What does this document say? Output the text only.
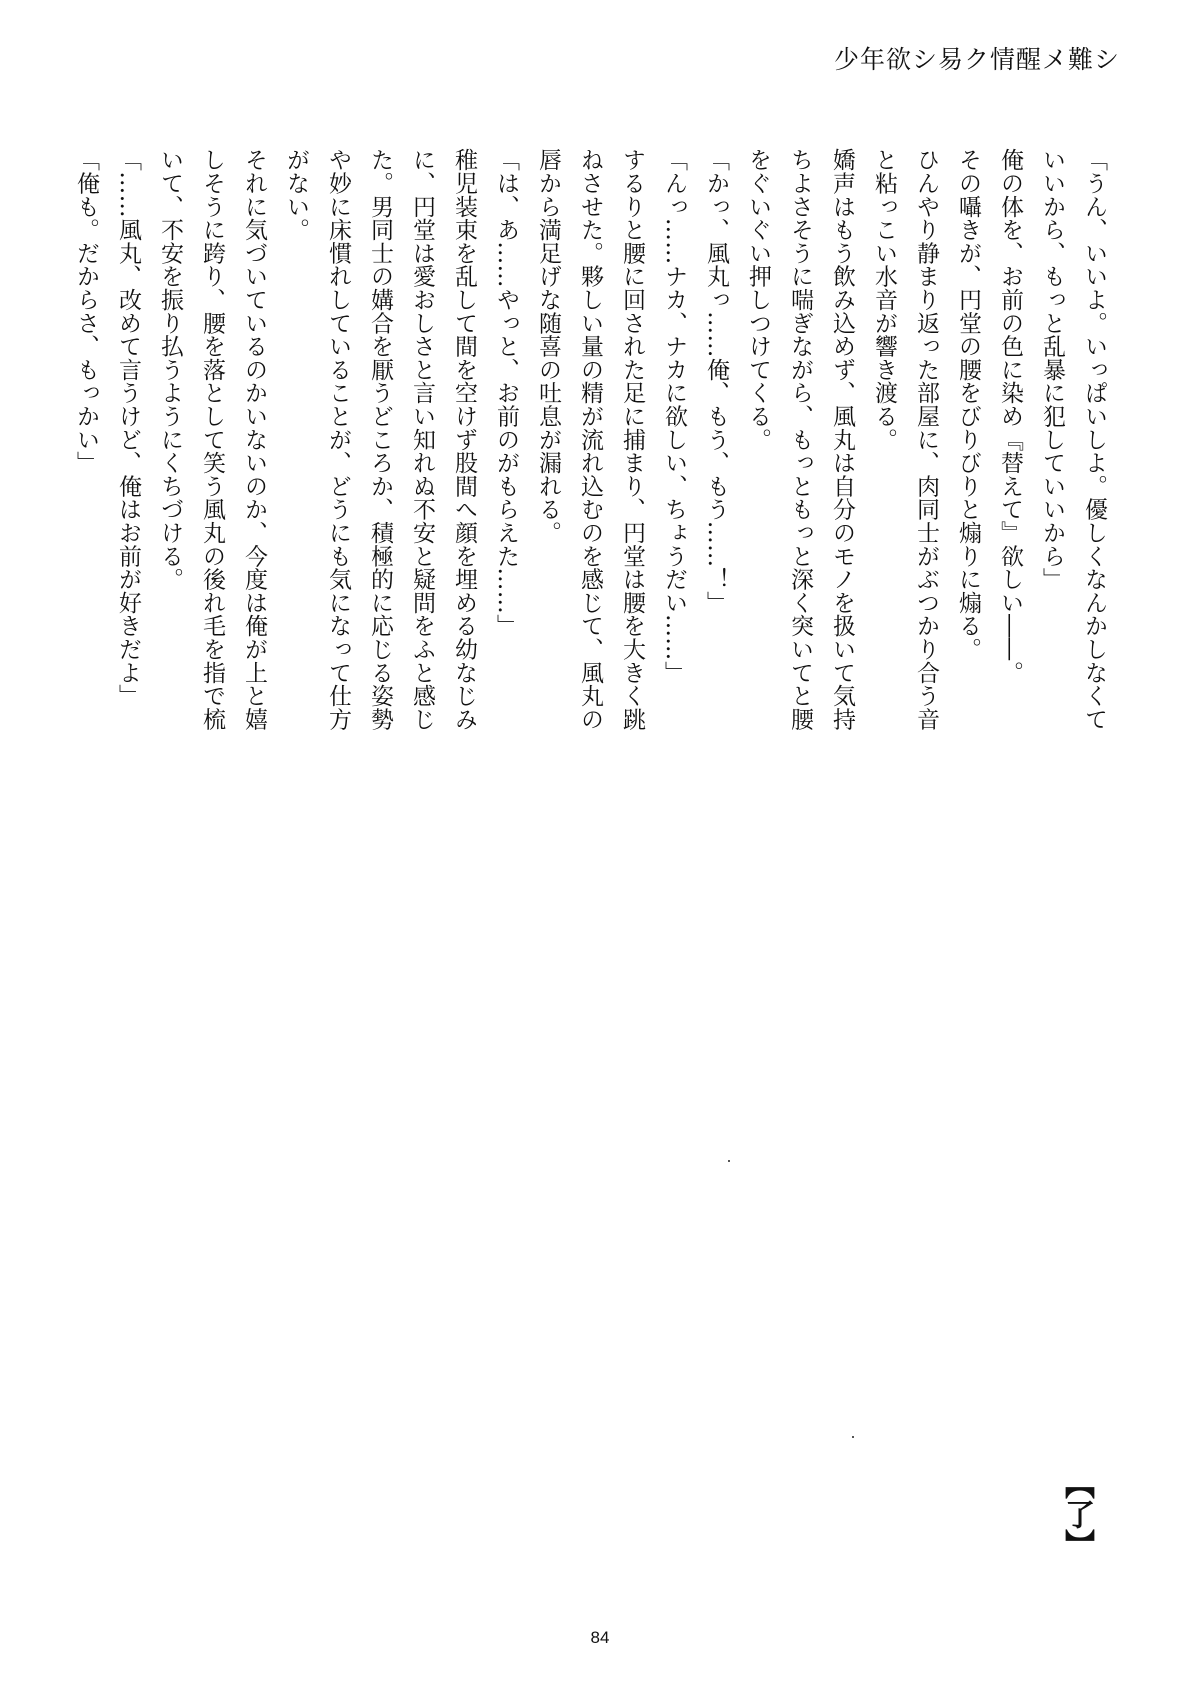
少年欲シ易ク情醒メ難シ

「うん、いいよ。いっぱいしよ。優しくなんかしなくていいから、もっと乱暴に犯していいから」

俺の体を、お前の色に染め『替えて』欲しい――。

その囁きが、円堂の腰をびりびりと煽りに煽る。

ひんやり静まり返った部屋に、肉同士がぶつかり合う音と粘っこい水音が響き渡る。

嬌声はもう飲み込めず、風丸は自分のモノを扱いて気持ちよさそうに喘ぎながら、もっともっと深く突いてと腰をぐいぐい押しつけてくる。

「かっ、風丸っ……俺、もう、もう……！」

「んっ……ナカ、ナカに欲しい、ちょうだい……」

するりと腰に回された足に捕まり、円堂は腰を大きく跳ねさせた。夥しい量の精が流れ込むのを感じて、風丸の唇から満足げな随喜の吐息が漏れる。

「は、あ……やっと、お前のがもらえた……」

稚児装束を乱して間を空けず股間へ顔を埋める幼なじみに、円堂は愛おしさと言い知れぬ不安と疑問をふと感じた。男同士の媾合を厭うどころか、積極的に応じる姿勢や妙に床慣れしていることが、どうにも気になって仕方がない。

それに気づいているのかいないのか、今度は俺が上と嬉しそうに跨り、腰を落として笑う風丸の後れ毛を指で梳いて、不安を振り払うようにくちづける。

「……風丸、改めて言うけど、俺はお前が好きだよ」

「俺も。だからさ、もっかい」

【了】
84
